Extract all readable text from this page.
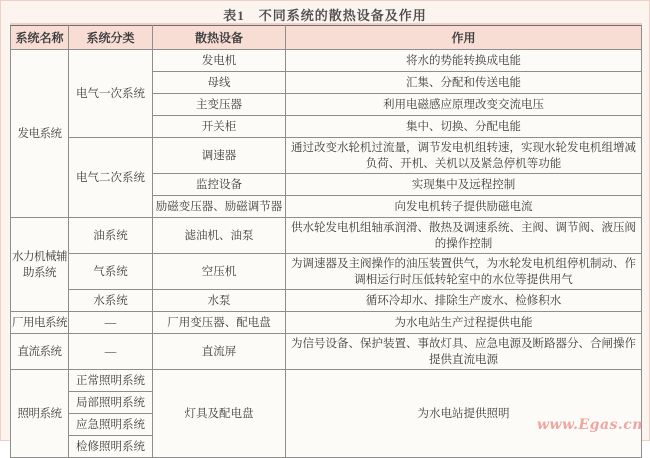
表1　不同系统的散热设备及作用
系统名称	系统分类	散热设备	作用
发电系统	电气一次系统	发电机	将水的势能转换成电能
		母线	汇集、分配和传送电能
		主变压器	利用电磁感应原理改变交流电压
		开关柜	集中、切换、分配电能
	电气二次系统	调速器	通过改变水轮机过流量，调节发电机组转速，实现水轮发电机组增减负荷、开机、关机以及紧急停机等功能
		监控设备	实现集中及远程控制
		励磁变压器、励磁调节器	向发电机转子提供励磁电流
水力机械辅助系统	油系统	滤油机、油泵	供水轮发电机组轴承润滑、散热及调速系统、主阀、调节阀、液压阀的操作控制
	气系统	空压机	为调速器及主阀操作的油压装置供气，为水轮发电机组停机制动、作调相运行时压低转轮室中的水位等提供用气
	水系统	水泵	循环冷却水、排除生产废水、检修积水
厂用电系统	—	厂用变压器、配电盘	为水电站生产过程提供电能
直流系统	—	直流屏	为信号设备、保护装置、事故灯具、应急电源及断路器分、合闸操作提供直流电源
照明系统	正常照明系统	灯具及配电盘	为水电站提供照明
	局部照明系统		
	应急照明系统		
	检修照明系统		
www.Egas.cn
